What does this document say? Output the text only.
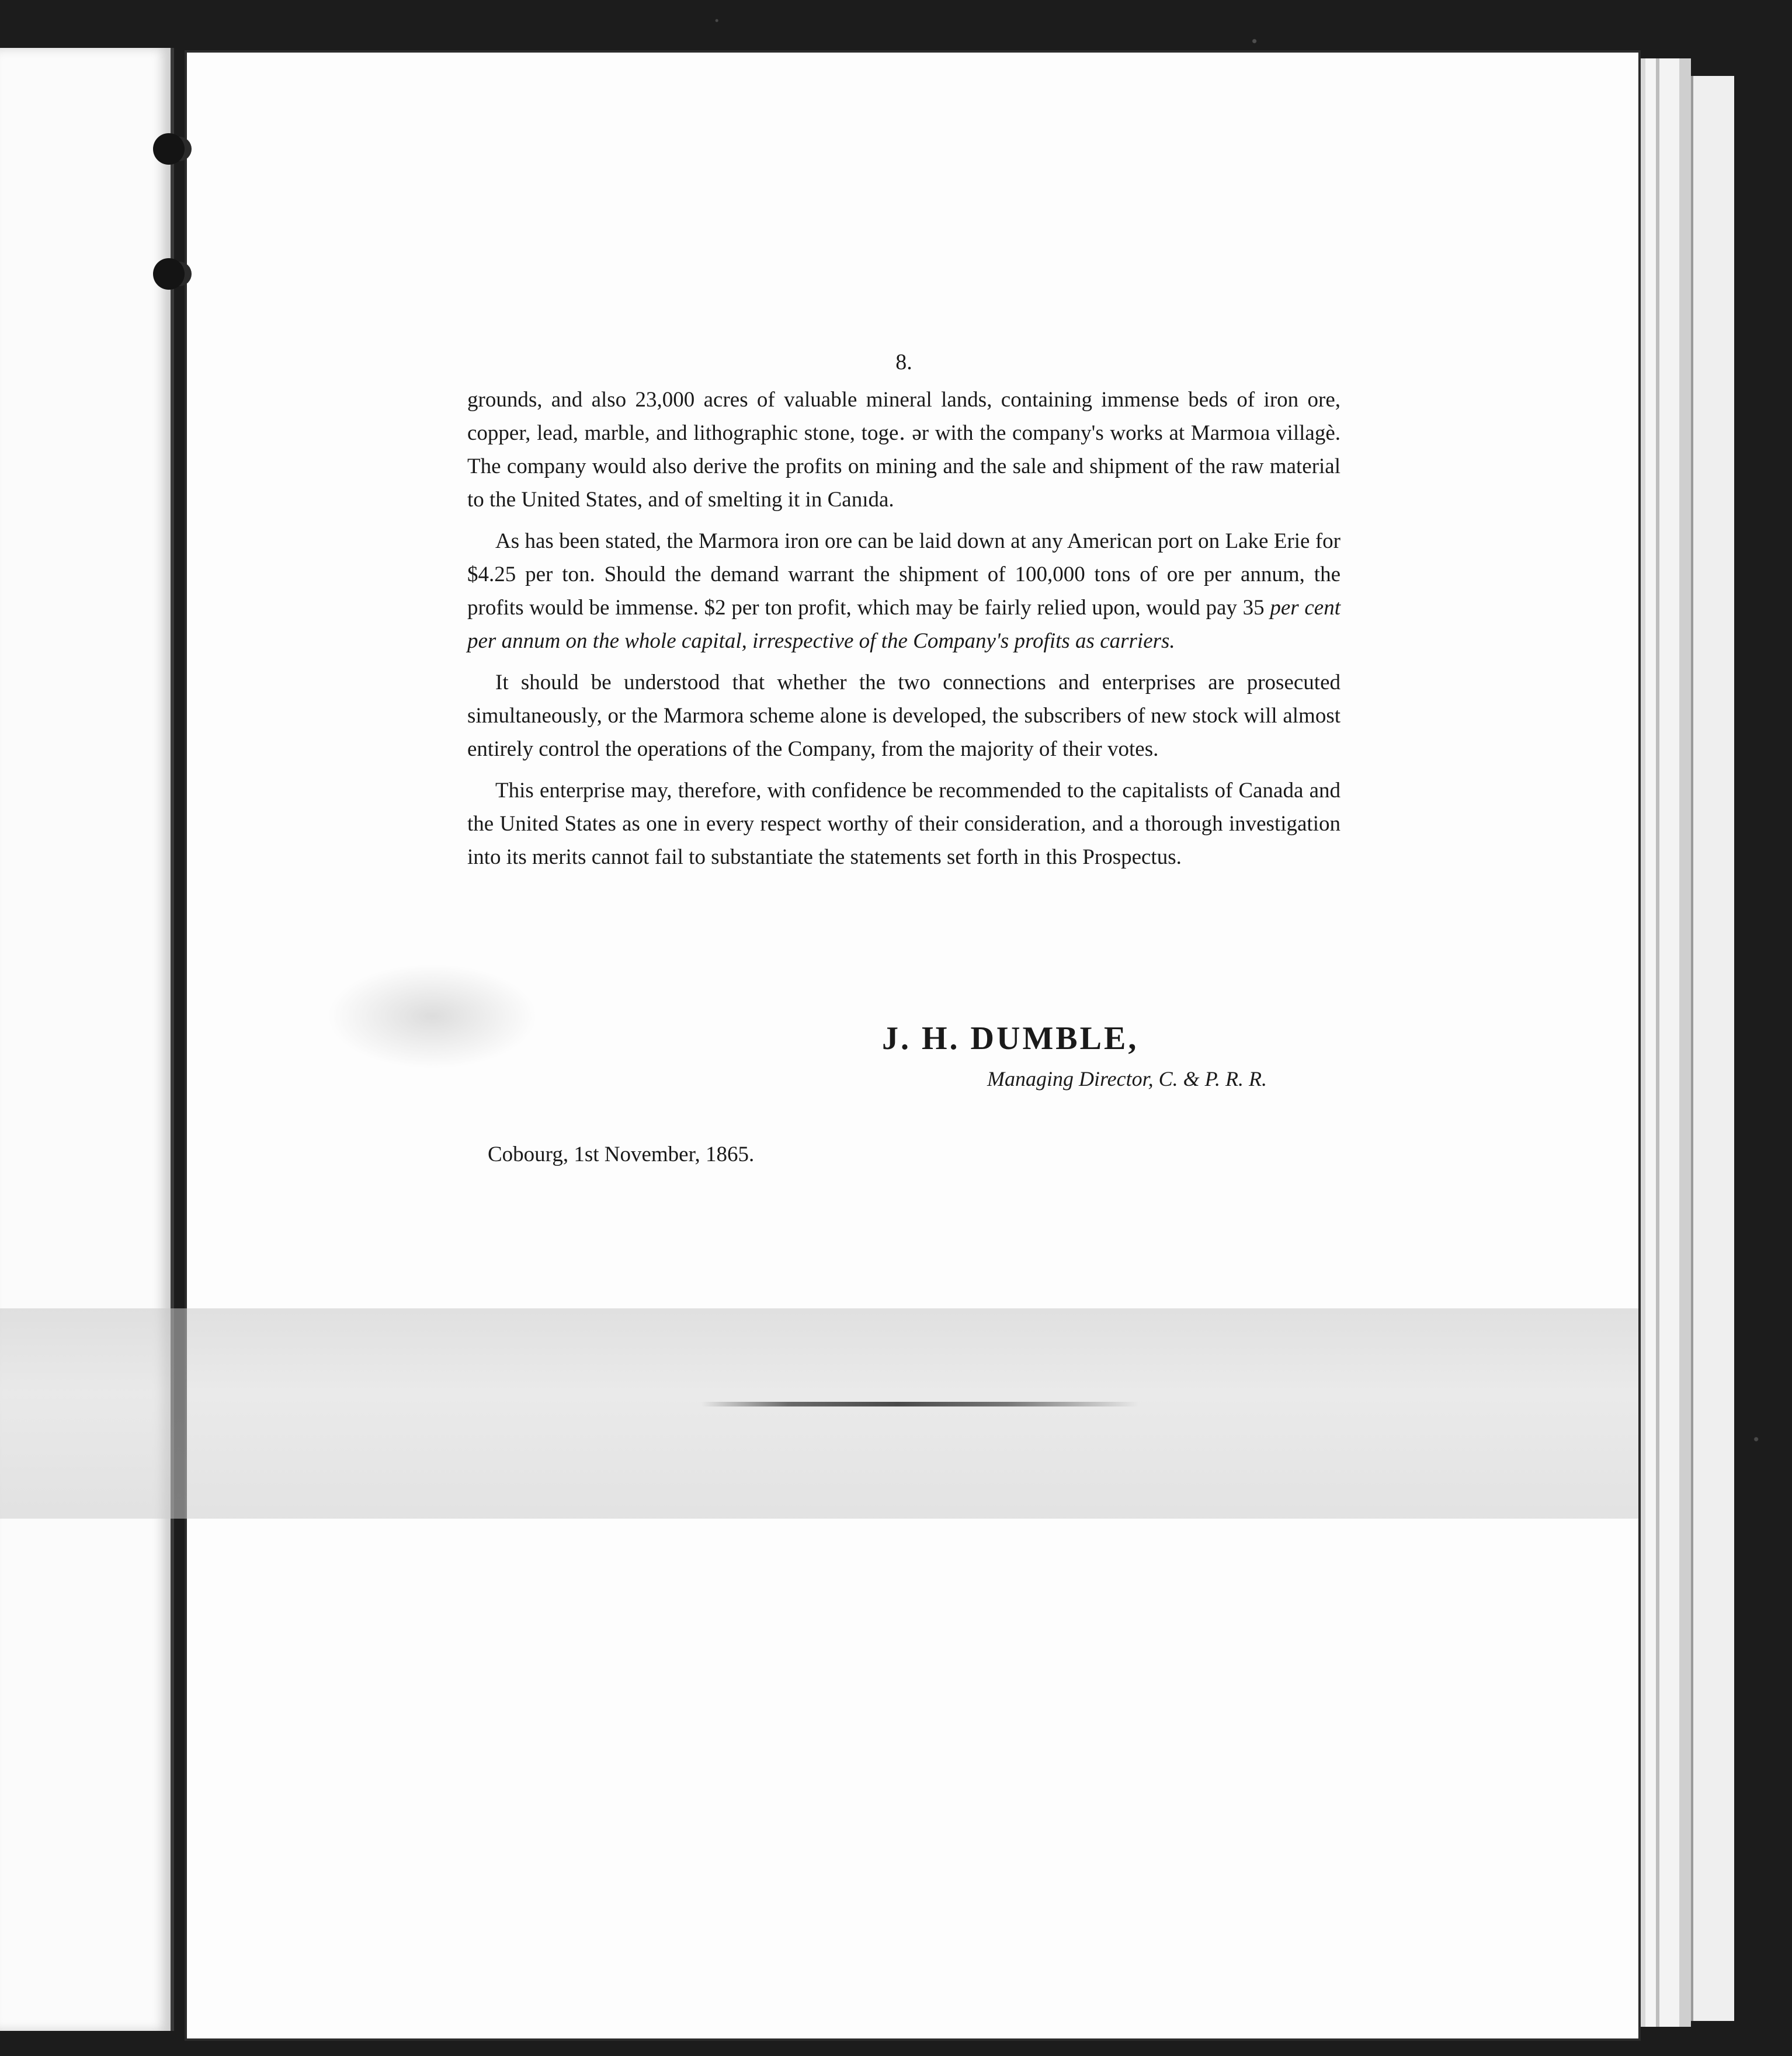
8.

grounds, and also 23,000 acres of valuable mineral lands, containing immense beds of iron ore, copper, lead, marble, and lithographic stone, toge․ ər with the company's works at Marmoıa villagè. The company would also derive the profits on mining and the sale and shipment of the raw material to the United States, and of smelting it in Canıda.

As has been stated, the Marmora iron ore can be laid down at any American port on Lake Erie for $4.25 per ton. Should the demand warrant the shipment of 100,000 tons of ore per annum, the profits would be immense. $2 per ton profit, which may be fairly relied upon, would pay 35 per cent per annum on the whole capital, irrespective of the Company's profits as carriers.

It should be understood that whether the two connections and enterprises are prosecuted simultaneously, or the Marmora scheme alone is developed, the subscribers of new stock will almost entirely control the operations of the Company, from the majority of their votes.

This enterprise may, therefore, with confidence be recommended to the capitalists of Canada and the United States as one in every respect worthy of their consideration, and a thorough investigation into its merits cannot fail to substantiate the statements set forth in this Prospectus.

J. H. DUMBLE,
Managing Director, C. & P. R. R.
Cobourg, 1st November, 1865.
